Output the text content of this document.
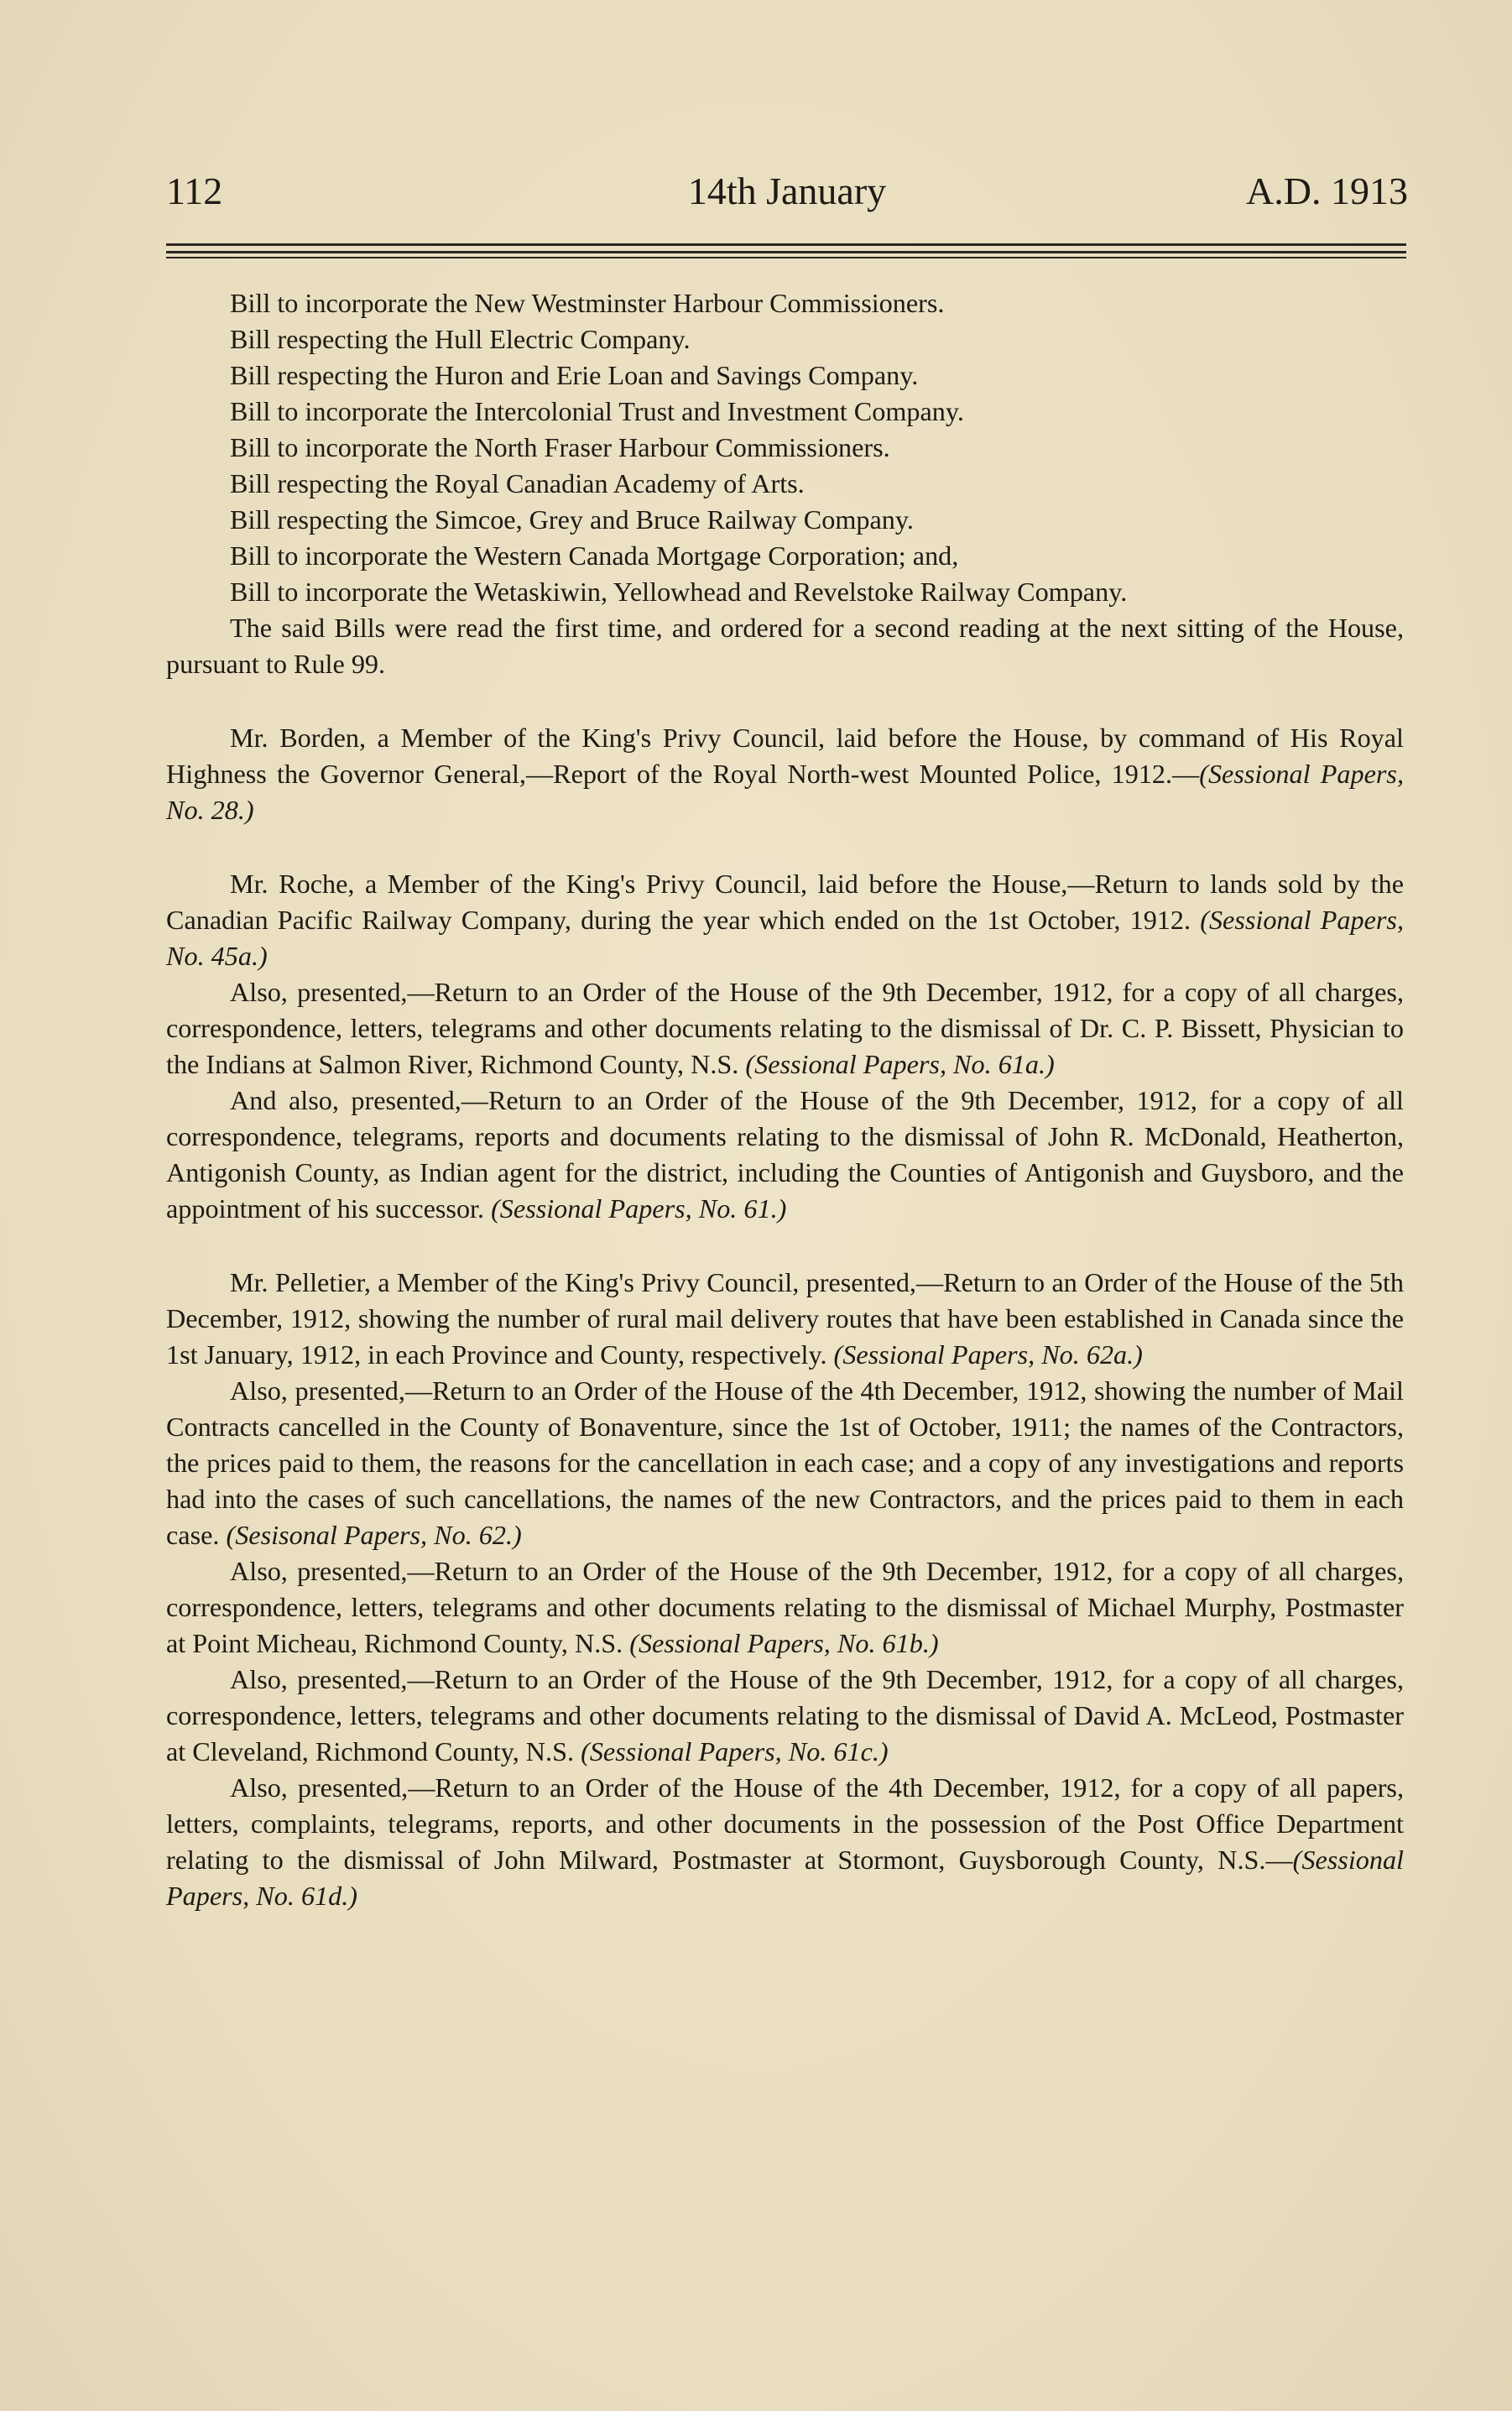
112	14th January	A.D. 1913

Bill to incorporate the New Westminster Harbour Commissioners.

Bill respecting the Hull Electric Company.

Bill respecting the Huron and Erie Loan and Savings Company.

Bill to incorporate the Intercolonial Trust and Investment Company.

Bill to incorporate the North Fraser Harbour Commissioners.

Bill respecting the Royal Canadian Academy of Arts.

Bill respecting the Simcoe, Grey and Bruce Railway Company.

Bill to incorporate the Western Canada Mortgage Corporation; and,

Bill to incorporate the Wetaskiwin, Yellowhead and Revelstoke Railway Company.

The said Bills were read the first time, and ordered for a second reading at the next sitting of the House, pursuant to Rule 99.

Mr. Borden, a Member of the King's Privy Council, laid before the House, by command of His Royal Highness the Governor General,—Report of the Royal North-west Mounted Police, 1912.—(Sessional Papers, No. 28.)

Mr. Roche, a Member of the King's Privy Council, laid before the House,—Return to lands sold by the Canadian Pacific Railway Company, during the year which ended on the 1st October, 1912. (Sessional Papers, No. 45a.)

Also, presented,—Return to an Order of the House of the 9th December, 1912, for a copy of all charges, correspondence, letters, telegrams and other documents relating to the dismissal of Dr. C. P. Bissett, Physician to the Indians at Salmon River, Richmond County, N.S. (Sessional Papers, No. 61a.)

And also, presented,—Return to an Order of the House of the 9th December, 1912, for a copy of all correspondence, telegrams, reports and documents relating to the dismissal of John R. McDonald, Heatherton, Antigonish County, as Indian agent for the district, including the Counties of Antigonish and Guysboro, and the appointment of his successor. (Sessional Papers, No. 61.)

Mr. Pelletier, a Member of the King's Privy Council, presented,—Return to an Order of the House of the 5th December, 1912, showing the number of rural mail delivery routes that have been established in Canada since the 1st January, 1912, in each Province and County, respectively. (Sessional Papers, No. 62a.)

Also, presented,—Return to an Order of the House of the 4th December, 1912, showing the number of Mail Contracts cancelled in the County of Bonaventure, since the 1st of October, 1911; the names of the Contractors, the prices paid to them, the reasons for the cancellation in each case; and a copy of any investigations and reports had into the cases of such cancellations, the names of the new Contractors, and the prices paid to them in each case. (Sesisonal Papers, No. 62.)

Also, presented,—Return to an Order of the House of the 9th December, 1912, for a copy of all charges, correspondence, letters, telegrams and other documents relating to the dismissal of Michael Murphy, Postmaster at Point Micheau, Richmond County, N.S. (Sessional Papers, No. 61b.)

Also, presented,—Return to an Order of the House of the 9th December, 1912, for a copy of all charges, correspondence, letters, telegrams and other documents relating to the dismissal of David A. McLeod, Postmaster at Cleveland, Richmond County, N.S. (Sessional Papers, No. 61c.)

Also, presented,—Return to an Order of the House of the 4th December, 1912, for a copy of all papers, letters, complaints, telegrams, reports, and other documents in the possession of the Post Office Department relating to the dismissal of John Milward, Postmaster at Stormont, Guysborough County, N.S.—(Sessional Papers, No. 61d.)
